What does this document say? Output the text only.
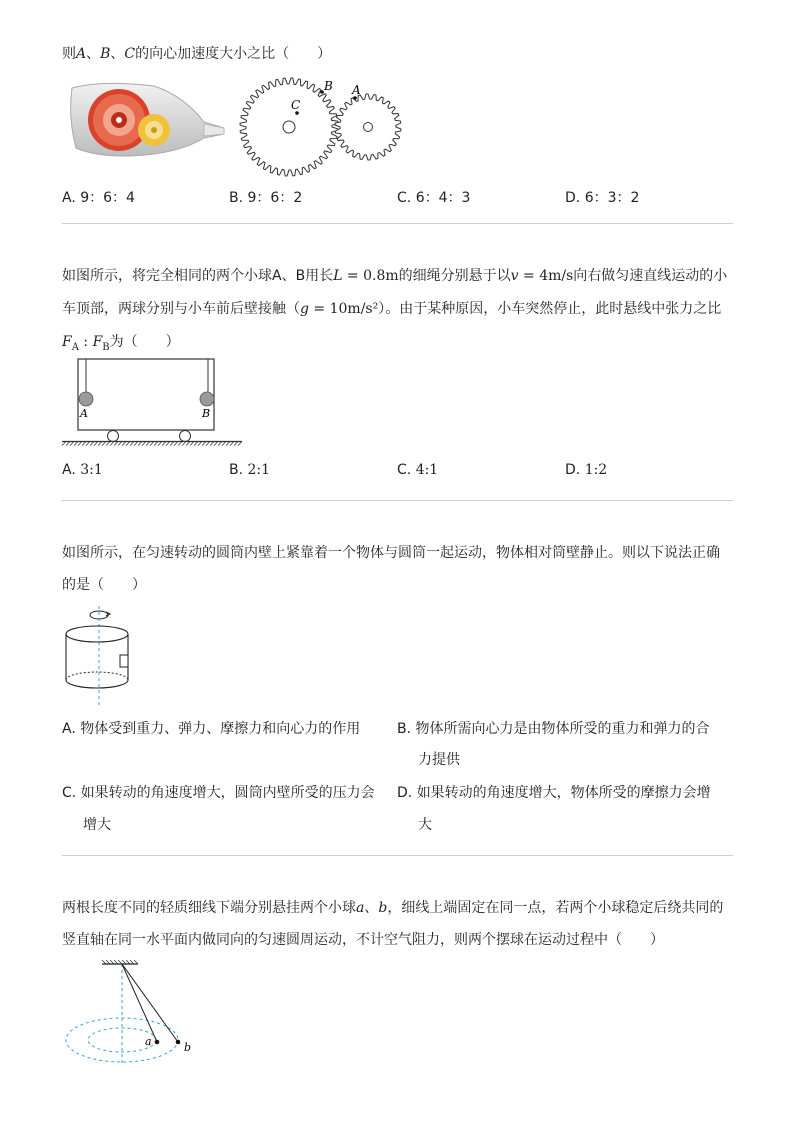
则A、B、C的向心加速度大小之比（　　）
C
B A
A. 9：6：4	B. 9：6：2	C. 6：4：3	D. 6：3：2
如图所示，将完全相同的两个小球A、B用长L = 0.8m的细绳分别悬于以v = 4m/s向右做匀速直线运动的小
车顶部，两球分别与小车前后壁接触（g = 10m/s²）。由于某种原因，小车突然停止，此时悬线中张力之比
$F_A$ : $F_B$为（　　）
A	B
A. 3:1	B. 2:1	C. 4:1	D. 1:2
如图所示，在匀速转动的圆筒内壁上紧靠着一个物体与圆筒一起运动，物体相对筒壁静止。则以下说法正确
的是（　　）
A. 物体受到重力、弹力、摩擦力和向心力的作用	B. 物体所需向心力是由物体所受的重力和弹力的合
力提供
C. 如果转动的角速度增大，圆筒内壁所受的压力会
增大
D. 如果转动的角速度增大，物体所受的摩擦力会增
大
两根长度不同的轻质细线下端分别悬挂两个小球a、b，细线上端固定在同一点，若两个小球稳定后绕共同的
竖直轴在同一水平面内做同向的匀速圆周运动，不计空气阻力，则两个摆球在运动过程中（　　）
a	b
